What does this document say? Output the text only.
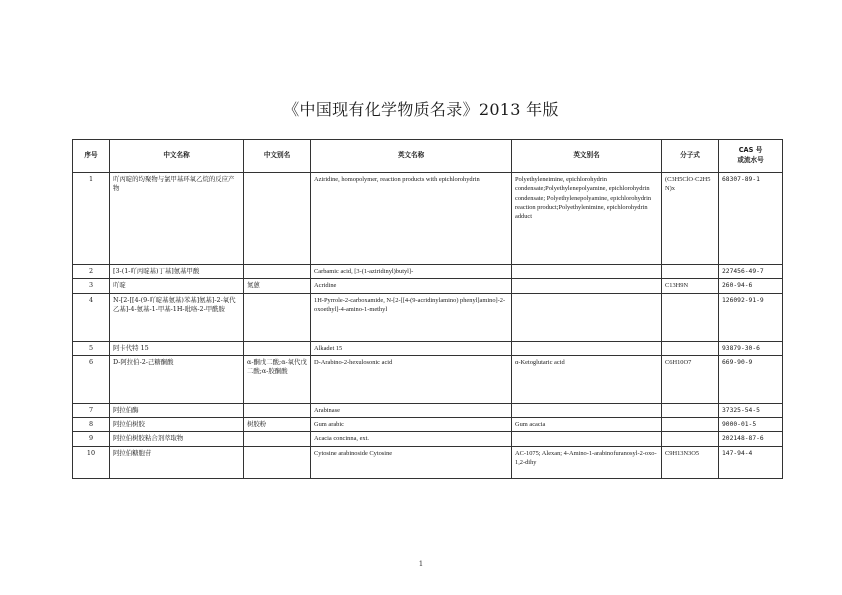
《中国现有化学物质名录》2013 年版
序号	中文名称	中文别名	英文名称	英文别名	分子式	CAS 号
或流水号

1	吖丙啶的均聚物与氯甲基环氧乙烷的反应产物		Aziridine, homopolymer, reaction products with epichlorohydrin	Polyethyleneimine, epichlorohydrin condensate;Polyethylenepolyamine, epichlorohydrin condensate; Polyethylenepolyamine, epichlorohydrin reaction product;Polyethylenimine, epichlorohydrin adduct	(C3H5ClO·C2H5N)x	68307-89-1
2	[3-(1-吖丙啶基)丁基]氨基甲酸		Carbamic acid, [3-(1-aziridinyl)butyl]-			227456-49-7
3	吖啶	氮蒽	Acridine		C13H9N	260-94-6
4	N-[2-[[4-(9-吖啶基氨基)苯基]氨基]-2-氧代乙基]-4-氨基-1-甲基-1H-吡咯-2-甲酰胺		1H-Pyrrole-2-carboxamide, N-[2-[[4-(9-acridinylamino) phenyl]amino]-2-oxoethyl]-4-amino-1-methyl			126092-91-9
5	阿卡代特 15		Alkadet 15			93879-30-6
6	D-阿拉伯-2-己糖酮酸	α-酮戊二酸;α-氧代戊二酸;α-胶酮酸	D-Arabino-2-hexulosonic acid	α-Ketoglutaric acid	C6H10O7	669-90-9
7	阿拉伯酶		Arabinase			37325-54-5
8	阿拉伯树胶	树胶粉	Gum arabic	Gum acacia		9000-01-5
9	阿拉伯树胶粘合剂萃取物		Acacia concinna, ext.			202148-87-6
10	阿拉伯糖胞苷		Cytosine arabinoside Cytosine	AC-1075; Alexan; 4-Amino-1-arabinofuranosyl-2-oxo-1,2-dihy	C9H13N3O5	147-94-4
1
